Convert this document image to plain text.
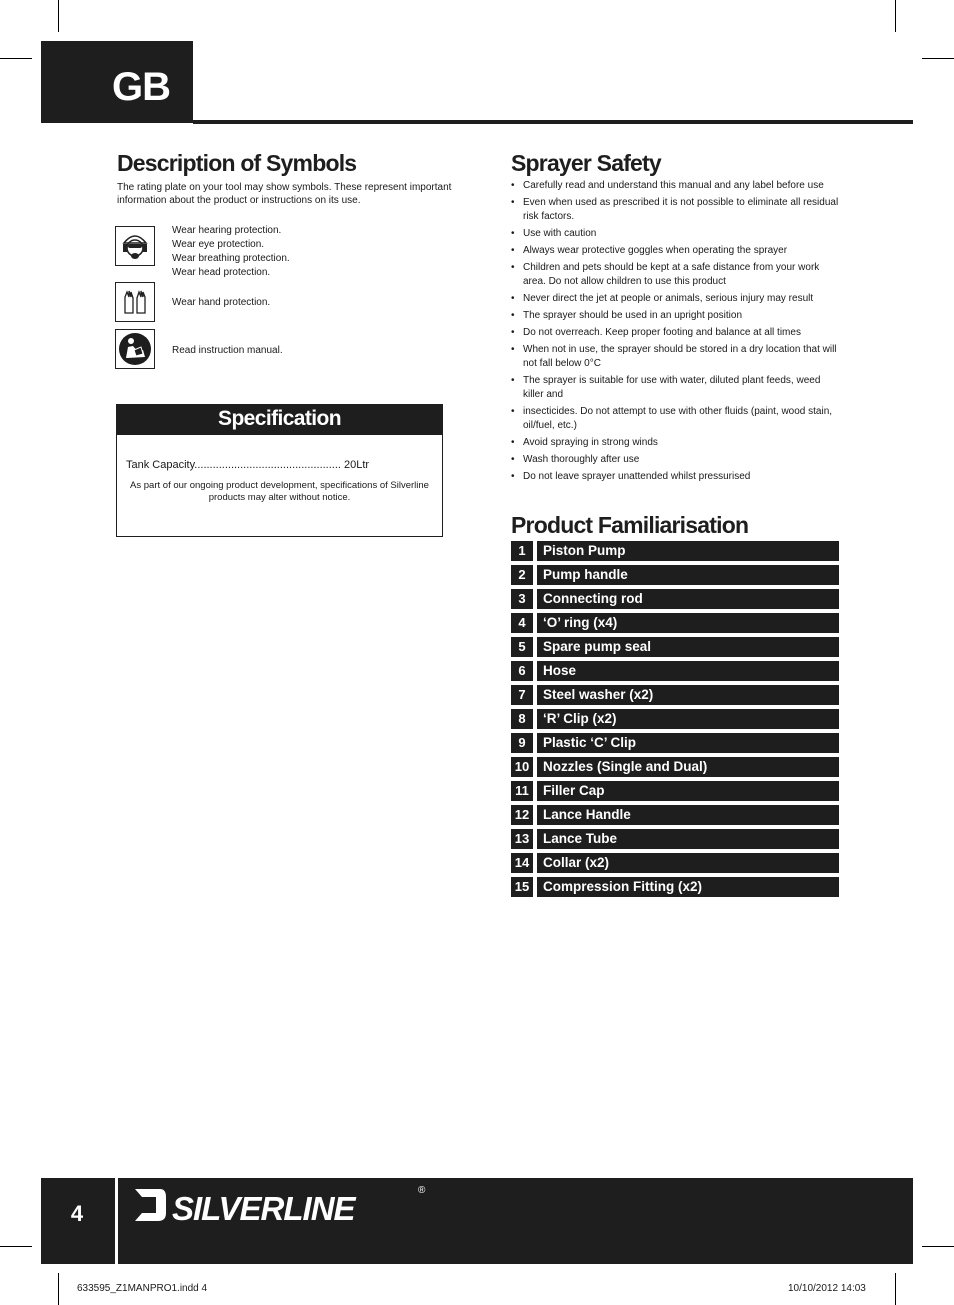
GB
Description of Symbols

The rating plate on your tool may show symbols. These represent important information about the product or instructions on its use.

Wear hearing protection.
Wear eye protection.
Wear breathing protection.
Wear head protection.
Wear hand protection.
Read instruction manual.
Specification
Tank Capacity................................................ 20Ltr
As part of our ongoing product development, specifications of Silverline products may alter without notice.
Sprayer Safety
• Carefully read and understand this manual and any label before use
• Even when used as prescribed it is not possible to eliminate all residual risk factors.
• Use with caution
• Always wear protective goggles when operating the sprayer
• Children and pets should be kept at a safe distance from your work area. Do not allow children to use this product
• Never direct the jet at people or animals, serious injury may result
• The sprayer should be used in an upright position
• Do not overreach. Keep proper footing and balance at all times
• When not in use, the sprayer should be stored in a dry location that will not fall below 0°C
• The sprayer is suitable for use with water, diluted plant feeds, weed killer and
• insecticides. Do not attempt to use with other fluids (paint, wood stain, oil/fuel, etc.)
• Avoid spraying in strong winds
• Wash thoroughly after use
• Do not leave sprayer unattended whilst pressurised
Product Familiarisation
1	Piston Pump
2	Pump handle
3	Connecting rod
4	‘O’ ring (x4)
5	Spare pump seal
6	Hose
7	Steel washer (x2)
8	‘R’ Clip (x2)
9	Plastic ‘C’ Clip
10	Nozzles (Single and Dual)
11	Filler Cap
12	Lance Handle
13	Lance Tube
14	Collar (x2)
15	Compression Fitting (x2)
4	SILVERLINE	®
633595_Z1MANPRO1.indd 4	10/10/2012 14:03
